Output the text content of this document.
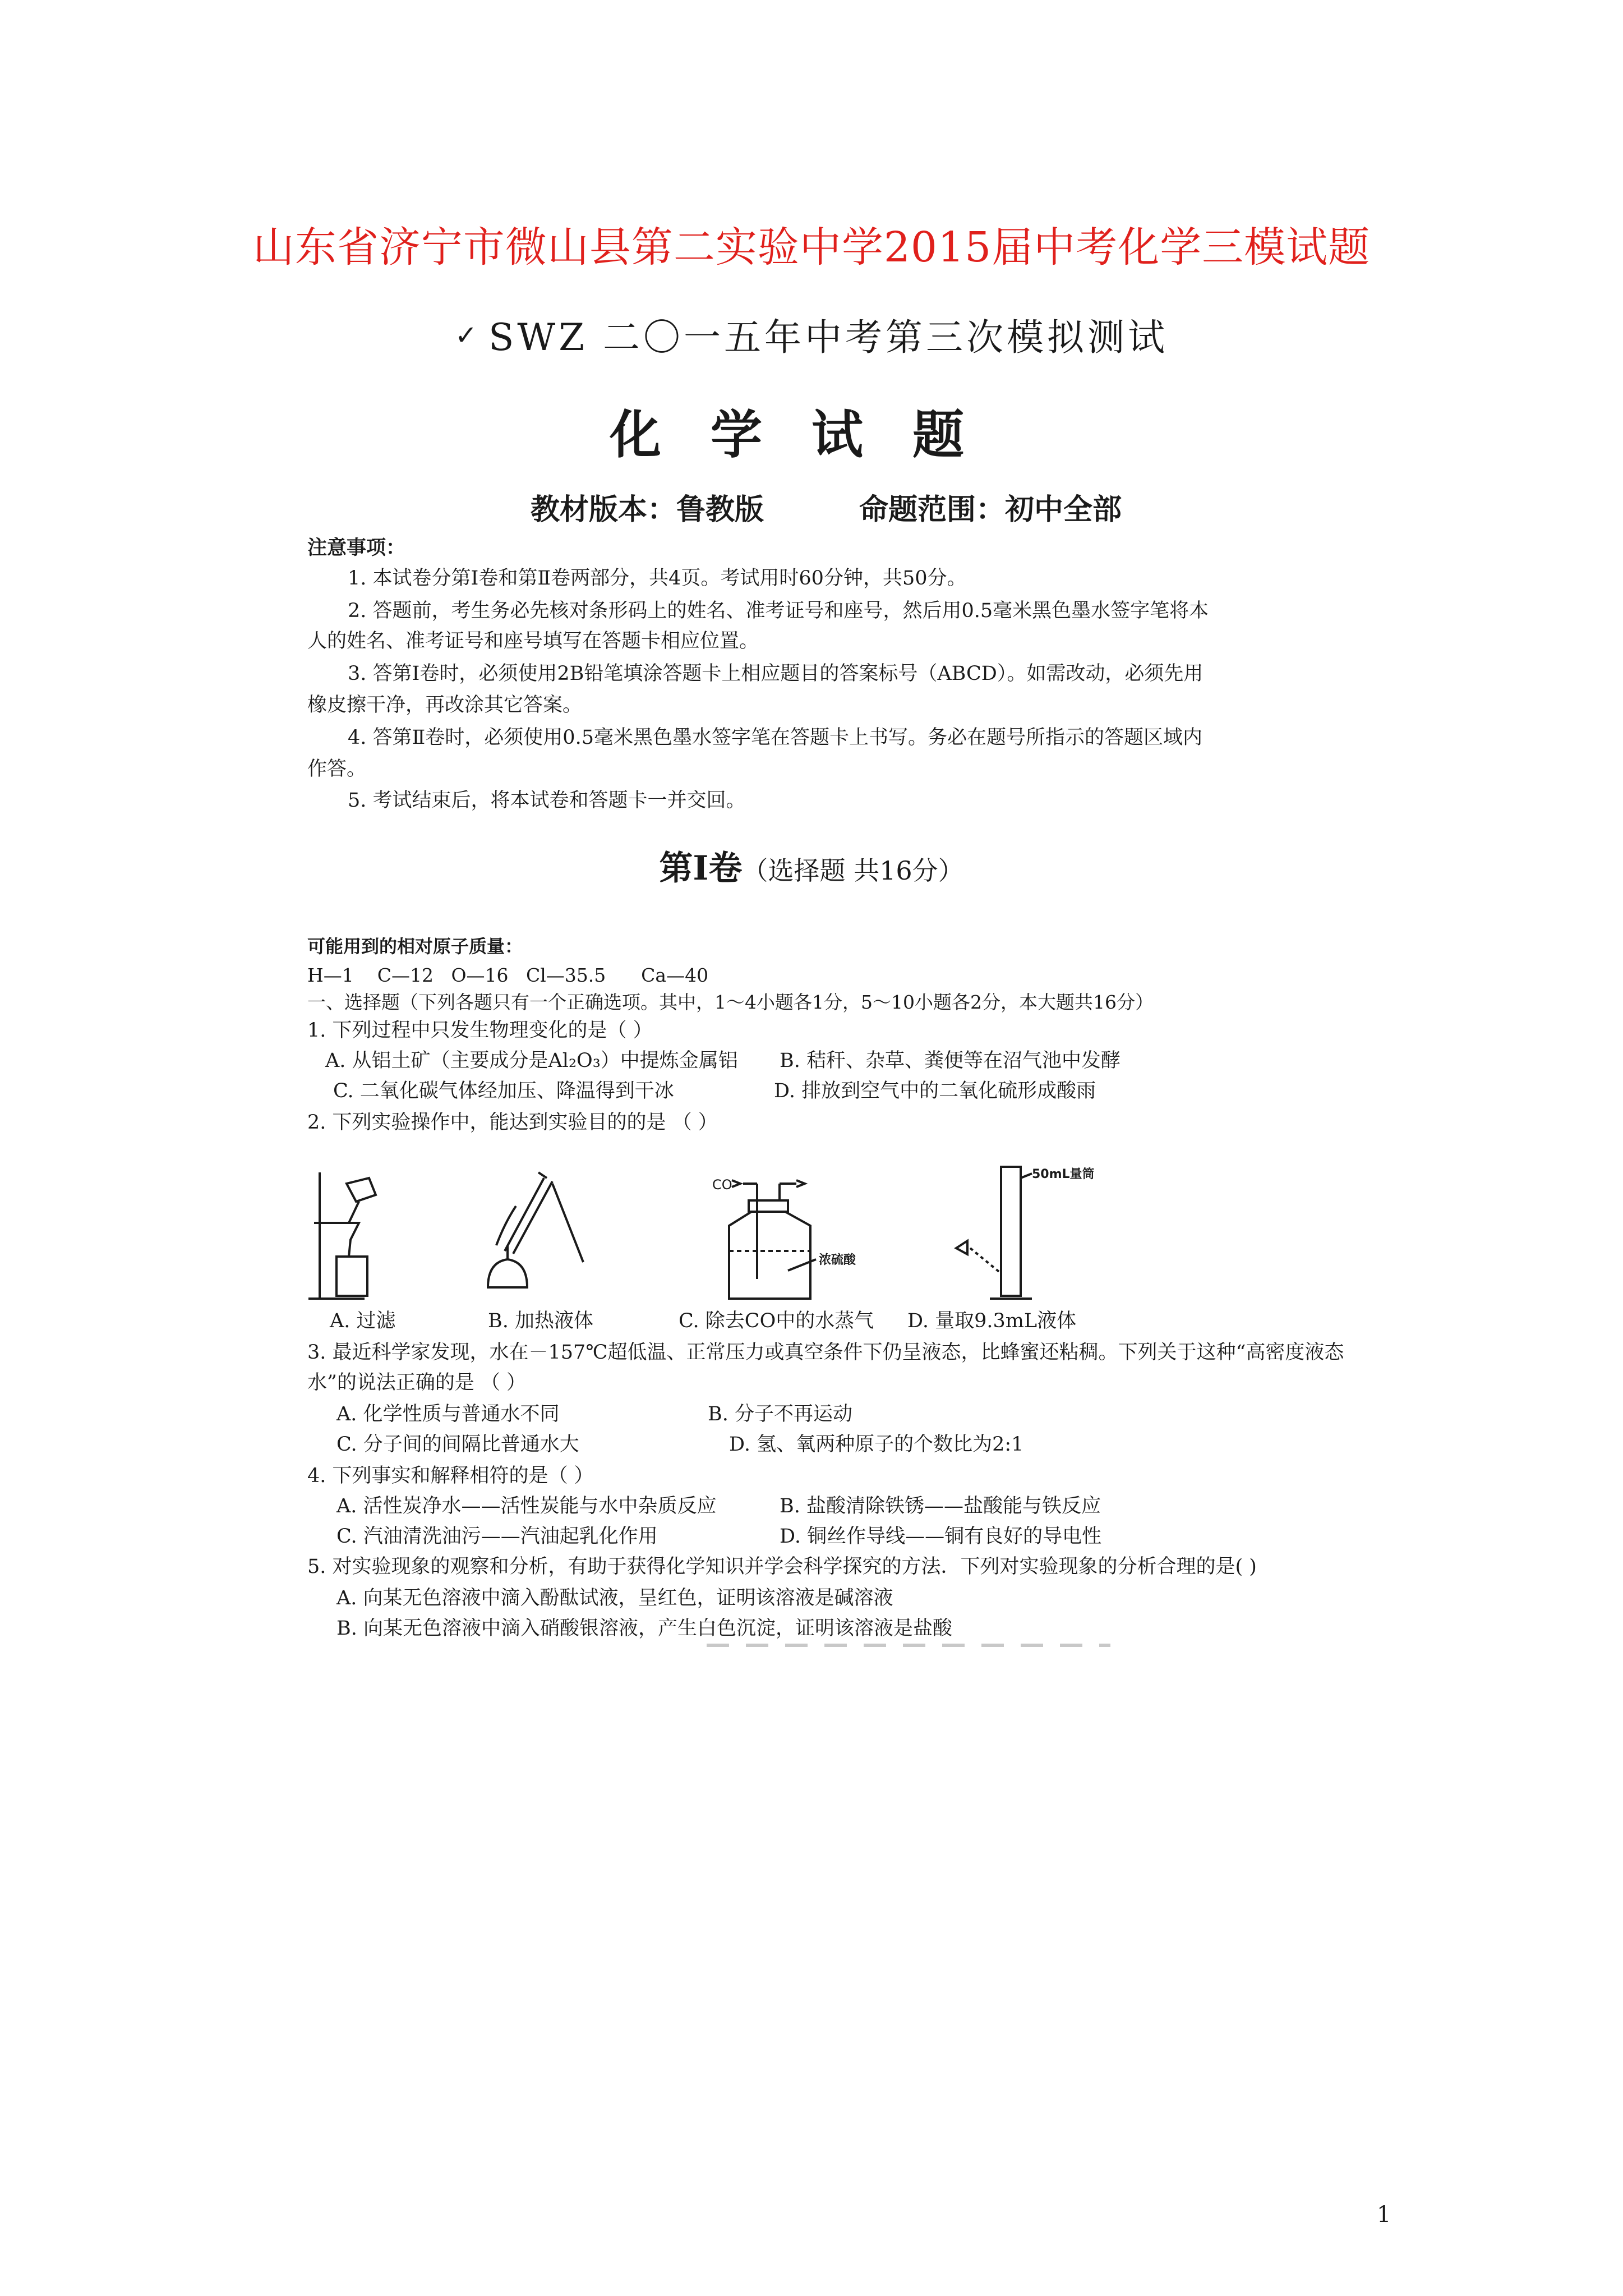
山东省济宁市微山县第二实验中学2015届中考化学三模试题
✓ SWZ 二〇一五年中考第三次模拟测试
化学试题
教材版本：鲁教版	命题范围：初中全部
注意事项：
1. 本试卷分第Ⅰ卷和第Ⅱ卷两部分，共4页。考试用时60分钟，共50分。
2. 答题前，考生务必先核对条形码上的姓名、准考证号和座号，然后用0.5毫米黑色墨水签字笔将本
人的姓名、准考证号和座号填写在答题卡相应位置。
3. 答第Ⅰ卷时，必须使用2B铅笔填涂答题卡上相应题目的答案标号（ABCD）。如需改动，必须先用
橡皮擦干净，再改涂其它答案。
4. 答第Ⅱ卷时，必须使用0.5毫米黑色墨水签字笔在答题卡上书写。务必在题号所指示的答题区域内
作答。
5. 考试结束后，将本试卷和答题卡一并交回。
第Ⅰ卷（选择题 共16分）
可能用到的相对原子质量：
H—1    C—12   O—16   Cl—35.5      Ca—40
一、选择题（下列各题只有一个正确选项。其中，1～4小题各1分，5～10小题各2分，本大题共16分）
1. 下列过程中只发生物理变化的是（ ）
A. 从铝土矿（主要成分是Al₂O₃）中提炼金属铝 B. 秸秆、杂草、粪便等在沼气池中发酵
C. 二氧化碳气体经加压、降温得到干冰	D. 排放到空气中的二氧化硫形成酸雨
2. 下列实验操作中，能达到实验目的的是 （ ）
50mL量筒
CO
浓硫酸
A. 过滤	B. 加热液体	C. 除去CO中的水蒸气 D. 量取9.3mL液体
3. 最近科学家发现，水在－157℃超低温、正常压力或真空条件下仍呈液态，比蜂蜜还粘稠。下列关于这种“高密度液态
水”的说法正确的是 （ ）
A. 化学性质与普通水不同	B. 分子不再运动
C. 分子间的间隔比普通水大	D. 氢、氧两种原子的个数比为2:1
4. 下列事实和解释相符的是（ ）
A. 活性炭净水——活性炭能与水中杂质反应	B. 盐酸清除铁锈——盐酸能与铁反应
C. 汽油清洗油污——汽油起乳化作用	D. 铜丝作导线——铜有良好的导电性
5. 对实验现象的观察和分析，有助于获得化学知识并学会科学探究的方法．下列对实验现象的分析合理的是( )
A. 向某无色溶液中滴入酚酞试液，呈红色，证明该溶液是碱溶液
B. 向某无色溶液中滴入硝酸银溶液，产生白色沉淀，证明该溶液是盐酸
1
